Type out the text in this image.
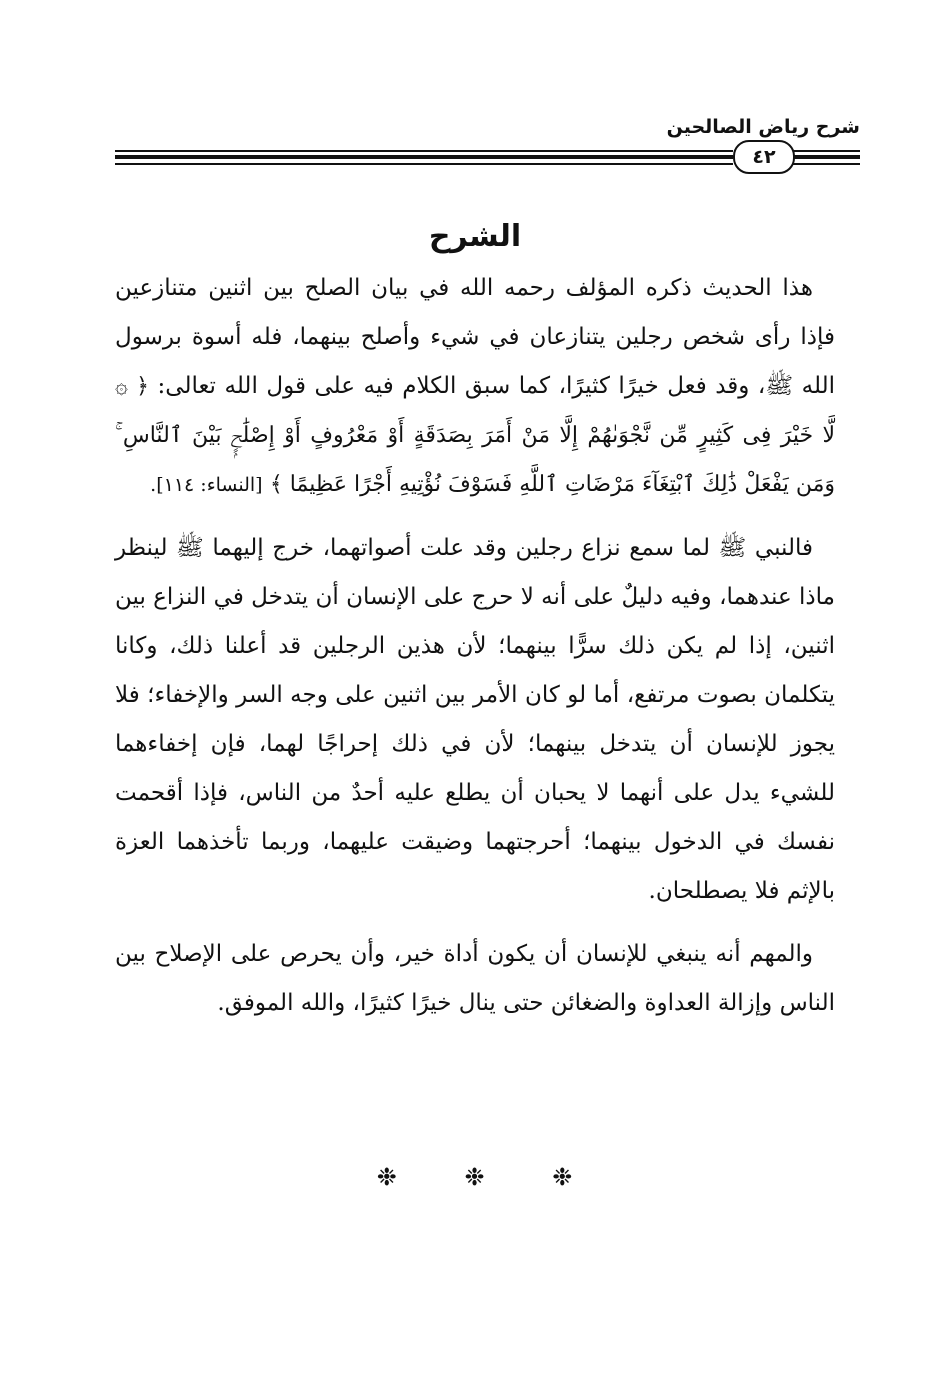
شرح رياض الصالحين
٤٢
الشرح

هذا الحديث ذكره المؤلف رحمه الله في بيان الصلح بين اثنين متنازعين فإذا رأى شخص رجلين يتنازعان في شيء وأصلح بينهما، فله أسوة برسول الله ﷺ، وقد فعل خيرًا كثيرًا، كما سبق الكلام فيه على قول الله تعالى: ﴿ ۞ لَّا خَيْرَ فِى كَثِيرٍ مِّن نَّجْوَىٰهُمْ إِلَّا مَنْ أَمَرَ بِصَدَقَةٍ أَوْ مَعْرُوفٍ أَوْ إِصْلَٰحٍۭ بَيْنَ ٱلنَّاسِ ۚ وَمَن يَفْعَلْ ذَٰلِكَ ٱبْتِغَآءَ مَرْضَاتِ ٱللَّهِ فَسَوْفَ نُؤْتِيهِ أَجْرًا عَظِيمًا ﴾ [النساء: ١١٤].

فالنبي ﷺ لما سمع نزاع رجلين وقد علت أصواتهما، خرج إليهما ﷺ لينظر ماذا عندهما، وفيه دليلٌ على أنه لا حرج على الإنسان أن يتدخل في النزاع بين اثنين، إذا لم يكن ذلك سرًّا بينهما؛ لأن هذين الرجلين قد أعلنا ذلك، وكانا يتكلمان بصوت مرتفع، أما لو كان الأمر بين اثنين على وجه السر والإخفاء؛ فلا يجوز للإنسان أن يتدخل بينهما؛ لأن في ذلك إحراجًا لهما، فإن إخفاءهما للشيء يدل على أنهما لا يحبان أن يطلع عليه أحدٌ من الناس، فإذا أقحمت نفسك في الدخول بينهما؛ أحرجتهما وضيقت عليهما، وربما تأخذهما العزة بالإثم فلا يصطلحان.

والمهم أنه ينبغي للإنسان أن يكون أداة خير، وأن يحرص على الإصلاح بين الناس وإزالة العداوة والضغائن حتى ينال خيرًا كثيرًا، والله الموفق.

❉	❉	❉
